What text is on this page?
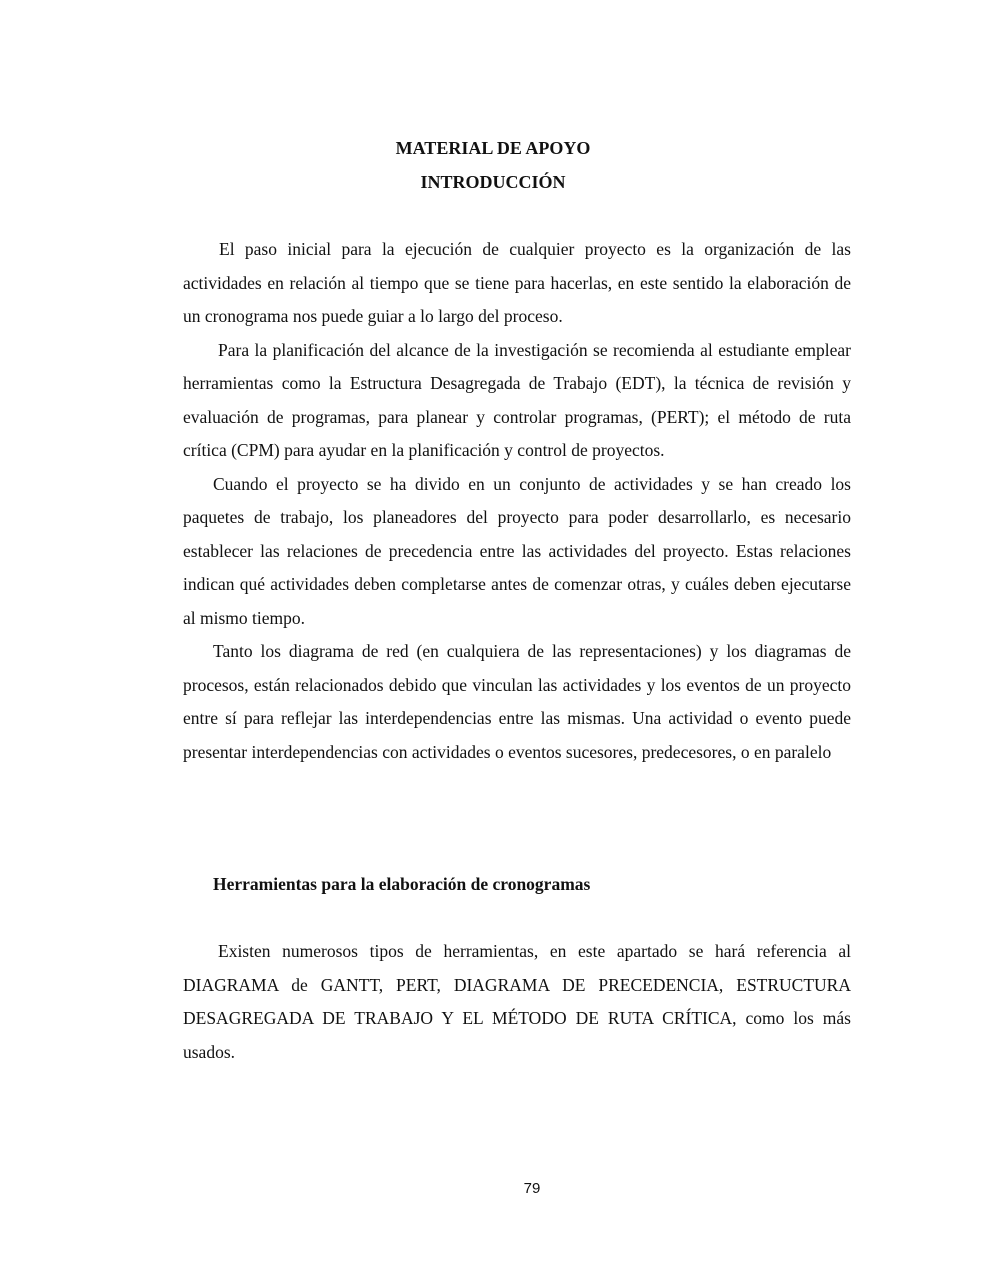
MATERIAL DE APOYO
INTRODUCCIÓN

El paso inicial para la ejecución de cualquier proyecto es la organización de las actividades en relación al tiempo que se tiene para hacerlas, en este sentido la elaboración de un cronograma nos puede guiar a lo largo del proceso.

Para la planificación del alcance de la investigación se recomienda al estudiante emplear herramientas como la Estructura Desagregada de Trabajo (EDT), la técnica de revisión y evaluación de programas, para planear y controlar programas, (PERT); el método de ruta crítica (CPM) para ayudar en la planificación y control de proyectos.

Cuando el proyecto se ha divido en un conjunto de actividades y se han creado los paquetes de trabajo, los planeadores del proyecto para poder desarrollarlo, es necesario establecer las relaciones de precedencia entre las actividades del proyecto. Estas relaciones indican qué actividades deben completarse antes de comenzar otras, y cuáles deben ejecutarse al mismo tiempo.

Tanto los diagrama de red (en cualquiera de las representaciones) y los diagramas de procesos, están relacionados debido que vinculan las actividades y los eventos de un proyecto entre sí para reflejar las interdependencias entre las mismas. Una actividad o evento puede presentar interdependencias con actividades o eventos sucesores, predecesores, o en paralelo

Herramientas para la elaboración de cronogramas

Existen numerosos tipos de herramientas, en este apartado se hará referencia al DIAGRAMA de GANTT, PERT, DIAGRAMA DE PRECEDENCIA, ESTRUCTURA DESAGREGADA DE TRABAJO Y EL MÉTODO DE RUTA CRÍTICA, como los más usados.

79
